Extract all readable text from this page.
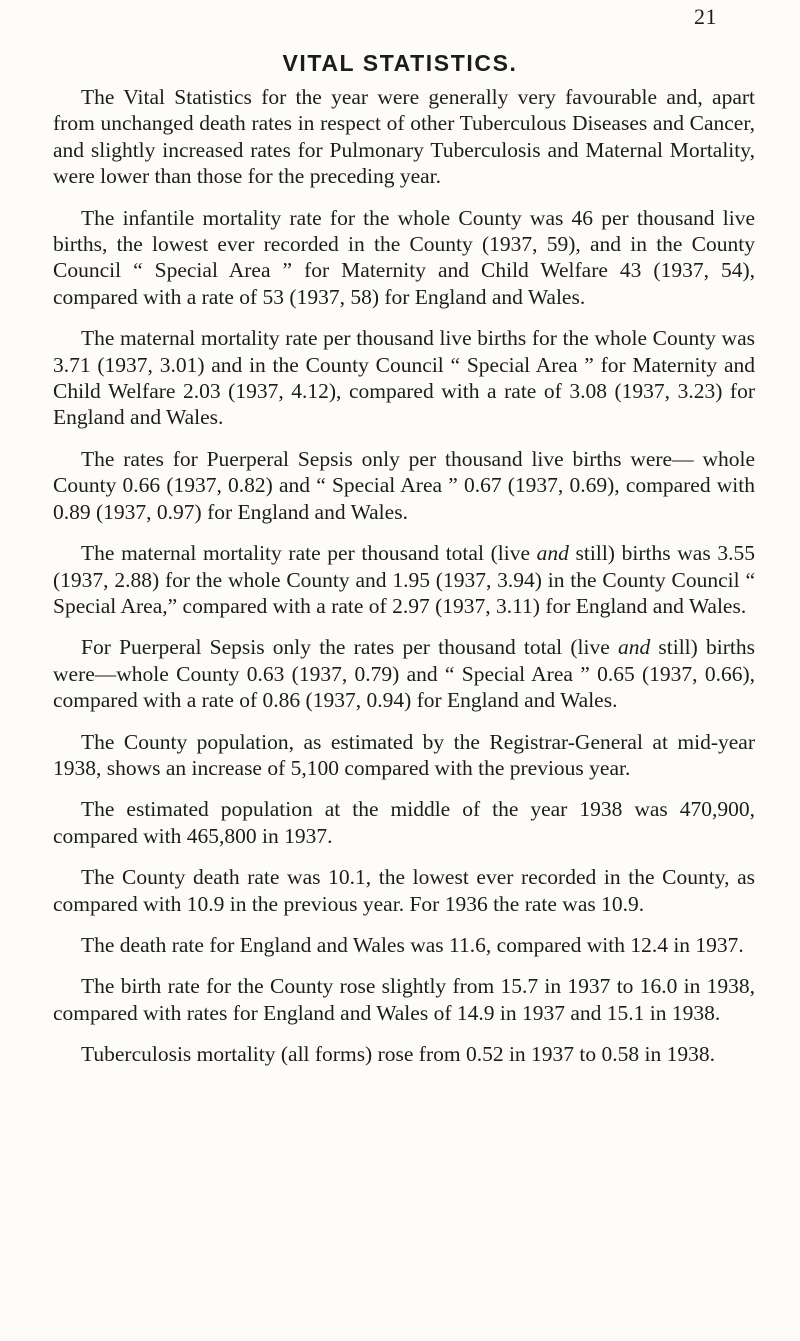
21
VITAL STATISTICS.

The Vital Statistics for the year were generally very favourable and, apart from unchanged death rates in respect of other Tuberculous Diseases and Cancer, and slightly increased rates for Pulmonary Tuberculosis and Maternal Mortality, were lower than those for the preceding year.

The infantile mortality rate for the whole County was 46 per thousand live births, the lowest ever recorded in the County (1937, 59), and in the County Council “ Special Area ” for Maternity and Child Welfare 43 (1937, 54), compared with a rate of 53 (1937, 58) for England and Wales.

The maternal mortality rate per thousand live births for the whole County was 3.71 (1937, 3.01) and in the County Council “ Special Area ” for Maternity and Child Welfare 2.03 (1937, 4.12), compared with a rate of 3.08 (1937, 3.23) for England and Wales.

The rates for Puerperal Sepsis only per thousand live births were— whole County 0.66 (1937, 0.82) and “ Special Area ” 0.67 (1937, 0.69), compared with 0.89 (1937, 0.97) for England and Wales.

The maternal mortality rate per thousand total (live and still) births was 3.55 (1937, 2.88) for the whole County and 1.95 (1937, 3.94) in the County Council “ Special Area,” compared with a rate of 2.97 (1937, 3.11) for England and Wales.

For Puerperal Sepsis only the rates per thousand total (live and still) births were—whole County 0.63 (1937, 0.79) and “ Special Area ” 0.65 (1937, 0.66), compared with a rate of 0.86 (1937, 0.94) for England and Wales.

The County population, as estimated by the Registrar-General at mid-year 1938, shows an increase of 5,100 compared with the previous year.

The estimated population at the middle of the year 1938 was 470,900, compared with 465,800 in 1937.

The County death rate was 10.1, the lowest ever recorded in the County, as compared with 10.9 in the previous year. For 1936 the rate was 10.9.

The death rate for England and Wales was 11.6, compared with 12.4 in 1937.

The birth rate for the County rose slightly from 15.7 in 1937 to 16.0 in 1938, compared with rates for England and Wales of 14.9 in 1937 and 15.1 in 1938.

Tuberculosis mortality (all forms) rose from 0.52 in 1937 to 0.58 in 1938.
